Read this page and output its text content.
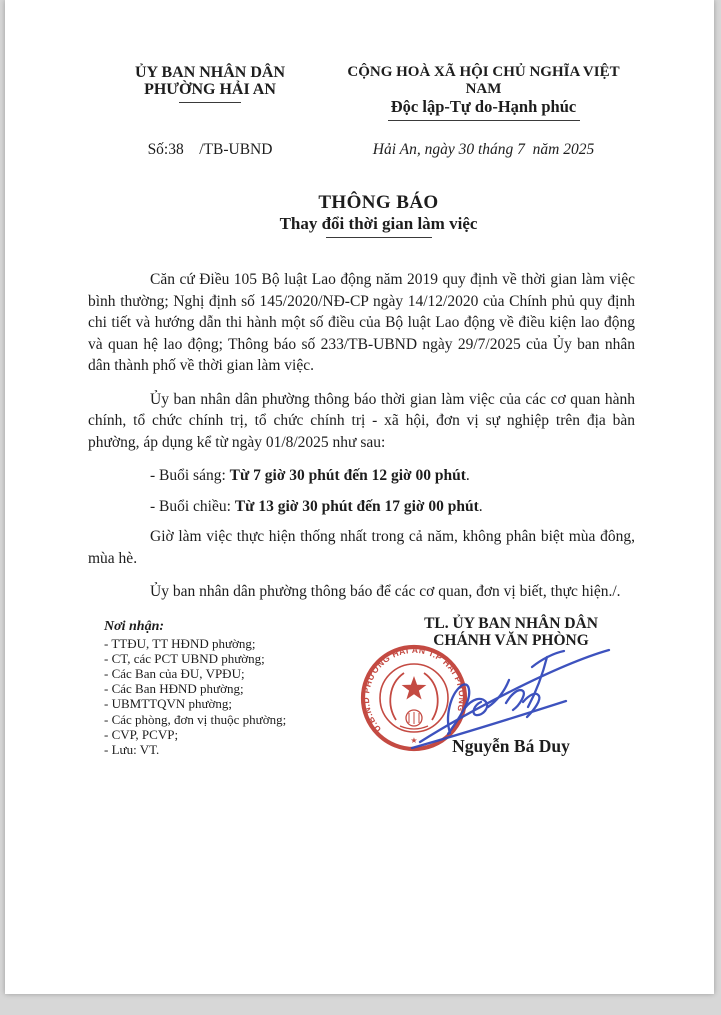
ỦY BAN NHÂN DÂN
PHƯỜNG HẢI AN
CỘNG HOÀ XÃ HỘI CHỦ NGHĨA VIỆT NAM
Độc lập-Tự do-Hạnh phúc
Số:38    /TB-UBND	Hải An, ngày 30 tháng 7  năm 2025
THÔNG BÁO
Thay đổi thời gian làm việc

Căn cứ Điều 105 Bộ luật Lao động năm 2019 quy định về thời gian làm việc bình thường; Nghị định số 145/2020/NĐ-CP ngày 14/12/2020 của Chính phủ quy định chi tiết và hướng dẫn thi hành một số điều của Bộ luật Lao động về điều kiện lao động và quan hệ lao động; Thông báo số 233/TB-UBND ngày 29/7/2025 của Ủy ban nhân dân thành phố về thời gian làm việc.

Ủy ban nhân dân phường thông báo thời gian làm việc của các cơ quan hành chính, tổ chức chính trị, tổ chức chính trị - xã hội, đơn vị sự nghiệp trên địa bàn phường, áp dụng kể từ ngày 01/8/2025 như sau:

- Buổi sáng: Từ 7 giờ 30 phút đến 12 giờ 00 phút.

- Buổi chiều: Từ 13 giờ 30 phút đến 17 giờ 00 phút.

Giờ làm việc thực hiện thống nhất trong cả năm, không phân biệt mùa đông, mùa hè.

Ủy ban nhân dân phường thông báo để các cơ quan, đơn vị biết, thực hiện./.

Nơi nhận:
- TTĐU, TT HĐND phường;
- CT, các PCT UBND phường;
- Các Ban của ĐU, VPĐU;
- Các Ban HĐND phường;
- UBMTTQVN phường;
- Các phòng, đơn vị thuộc phường;
- CVP, PCVP;
- Lưu: VT.
TL. ỦY BAN NHÂN DÂN
CHÁNH VĂN PHÒNG
U.B.N.D PHƯỜNG HẢI AN T.P HẢI PHÒNG
★ Nguyễn Bá Duy
